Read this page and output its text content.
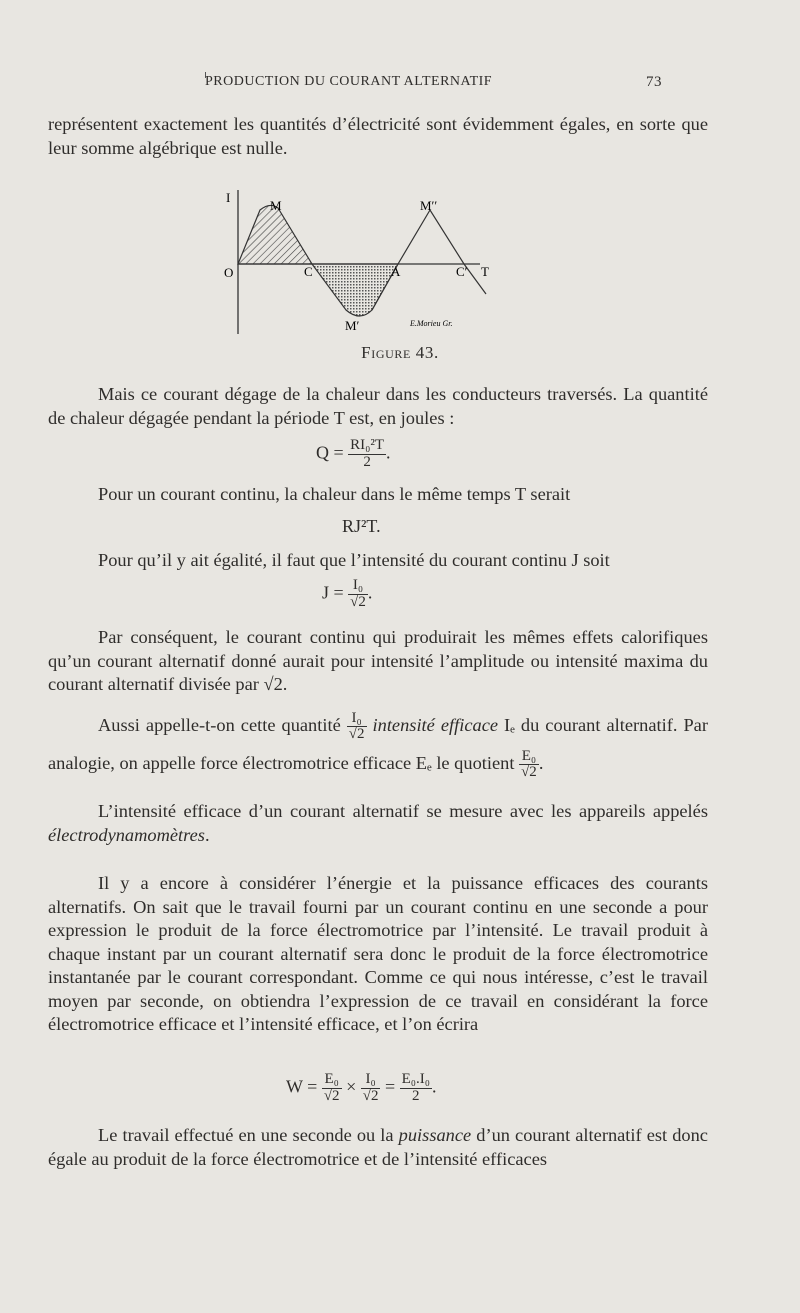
PRODUCTION DU COURANT ALTERNATIF	73
représentent exactement les quantités d’électricité sont évidemment égales, en sorte que leur somme algébrique est nulle.
I
O
M	M′′
C	A	C′ T
M′	E.Morieu Gr.
Figure 43.
Mais ce courant dégage de la chaleur dans les conducteurs traversés. La quantité de chaleur dégagée pendant la période T est, en joules :
$Q = \frac{\text{RI₀²T}}{2}$ .
Pour un courant continu, la chaleur dans le même temps T serait
RJ²T.
Pour qu’il y ait égalité, il faut que l’intensité du courant continu J soit
$J = \frac{\text{I₀}}{√2}$ .
Par conséquent, le courant continu qui produirait les mêmes effets calorifiques qu’un courant alternatif donné aurait pour intensité l’amplitude ou intensité maxima du courant alternatif divisée par √2.
Aussi appelle-t-on cette quantité $\frac{\text{I₀}}{√2}$ intensité efficace Iₑ du courant alternatif. Par analogie, on appelle force électromotrice efficace Eₑ le quotient $\frac{\text{E₀}}{√2}$ .
L’intensité efficace d’un courant alternatif se mesure avec les appareils appelés électrodynamomètres.
Il y a encore à considérer l’énergie et la puissance efficaces des courants alternatifs. On sait que le travail fourni par un courant continu en une seconde a pour expression le produit de la force électromotrice par l’intensité. Le travail produit à chaque instant par un courant alternatif sera donc le produit de la force électromotrice instantanée par le courant correspondant. Comme ce qui nous intéresse, c’est le travail moyen par seconde, on obtiendra l’expression de ce travail en considérant la force électromotrice efficace et l’intensité efficace, et l’on écrira
$W = \frac{\text{E₀}}{√2} \times \frac{\text{I₀}}{√2} = \frac{\text{E₀.I₀}}{2}$ .
Le travail effectué en une seconde ou la puissance d’un courant alternatif est donc égale au produit de la force électromotrice et de l’intensité efficaces
